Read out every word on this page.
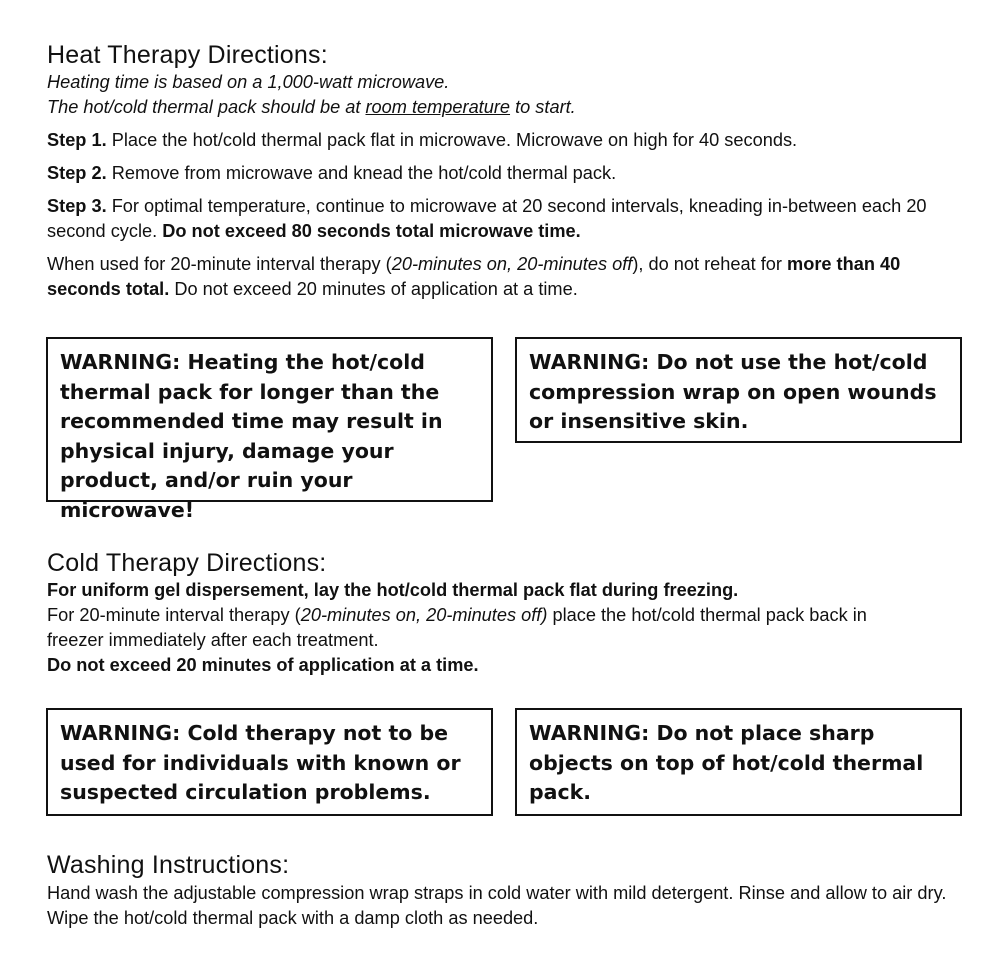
Heat Therapy Directions:

Heating time is based on a 1,000-watt microwave.

The hot/cold thermal pack should be at room temperature to start.

Step 1. Place the hot/cold thermal pack flat in microwave. Microwave on high for 40 seconds.

Step 2. Remove from microwave and knead the hot/cold thermal pack.

Step 3. For optimal temperature, continue to microwave at 20 second intervals, kneading in-between each 20 second cycle. Do not exceed 80 seconds total microwave time.

When used for 20-minute interval therapy (20-minutes on, 20-minutes off), do not reheat for more than 40 seconds total. Do not exceed 20 minutes of application at a time.

Cold Therapy Directions:

For uniform gel dispersement, lay the hot/cold thermal pack flat during freezing.

For 20-minute interval therapy (20-minutes on, 20-minutes off) place the hot/cold thermal pack back in freezer immediately after each treatment.

Do not exceed 20 minutes of application at a time.

Washing Instructions:

Hand wash the adjustable compression wrap straps in cold water with mild detergent. Rinse and allow to air dry. Wipe the hot/cold thermal pack with a damp cloth as needed.

WARNING: Heating the hot/cold thermal pack for longer than the recommended time may result in physical injury, damage your product, and/or ruin your microwave!
WARNING: Do not use the hot/cold compression wrap on open wounds or insensitive skin.
WARNING: Cold therapy not to be used for individuals with known or suspected circulation problems.
WARNING: Do not place sharp objects on top of hot/cold thermal pack.
